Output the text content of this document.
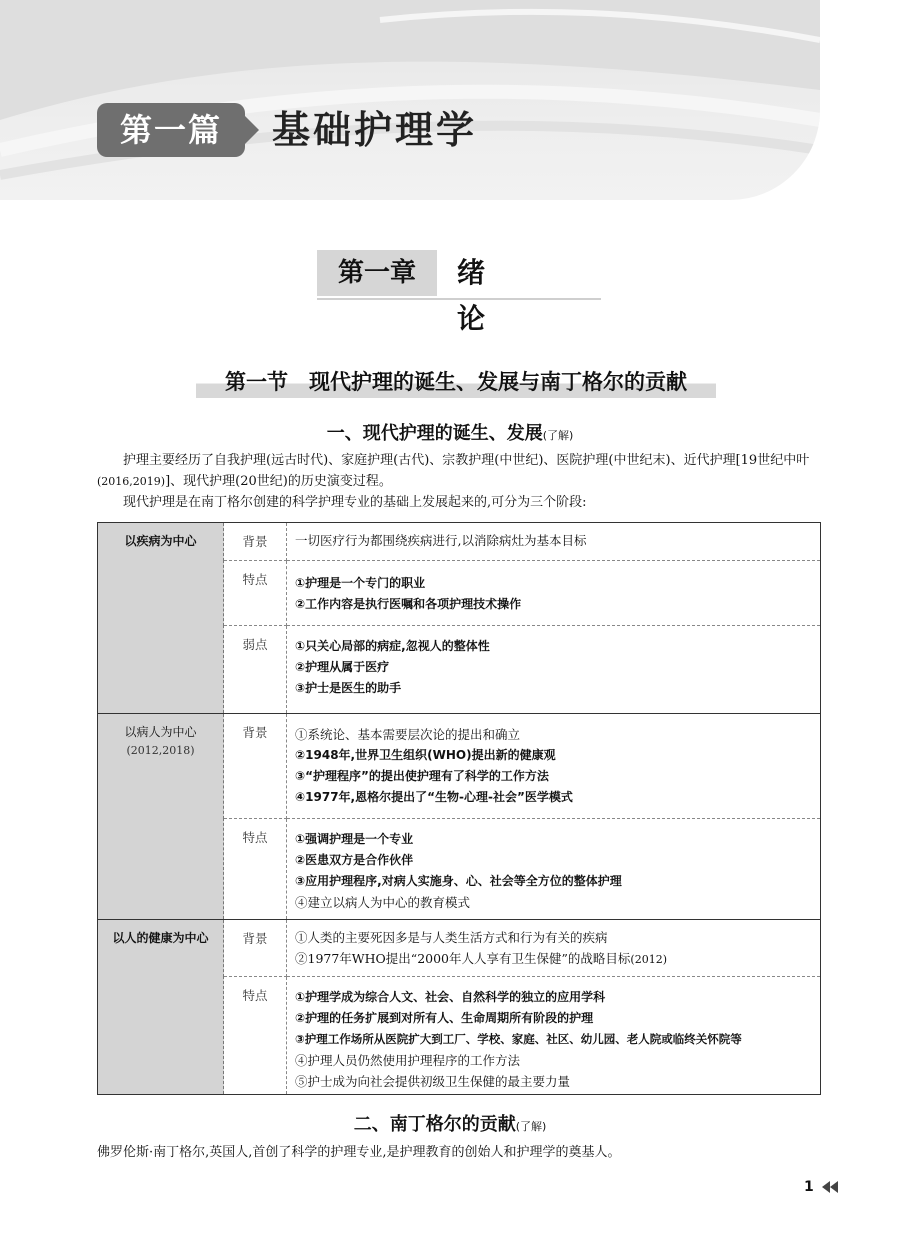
第一篇	基础护理学
第一章	绪论
第一节　现代护理的诞生、发展与南丁格尔的贡献
一、现代护理的诞生、发展(了解)

护理主要经历了自我护理(远古时代)、家庭护理(古代)、宗教护理(中世纪)、医院护理(中世纪末)、近代护理[19世纪中叶(2016,2019)]、现代护理(20世纪)的历史演变过程。

现代护理是在南丁格尔创建的科学护理专业的基础上发展起来的,可分为三个阶段:

以疾病为中心	背景	一切医疗行为都围绕疾病进行,以消除病灶为基本目标

	特点	①护理是一个专门的职业
②工作内容是执行医嘱和各项护理技术操作

	弱点	①只关心局部的病症,忽视人的整体性
②护理从属于医疗
③护士是医生的助手

以病人为中心
(2012,2018)	背景	①系统论、基本需要层次论的提出和确立
②1948年,世界卫生组织(WHO)提出新的健康观
③“护理程序”的提出使护理有了科学的工作方法
④1977年,恩格尔提出了“生物-心理-社会”医学模式

	特点	①强调护理是一个专业
②医患双方是合作伙伴
③应用护理程序,对病人实施身、心、社会等全方位的整体护理
④建立以病人为中心的教育模式

以人的健康为中心	背景	①人类的主要死因多是与人类生活方式和行为有关的疾病
②1977年WHO提出“2000年人人享有卫生保健”的战略目标(2012)

	特点	①护理学成为综合人文、社会、自然科学的独立的应用学科
②护理的任务扩展到对所有人、生命周期所有阶段的护理
③护理工作场所从医院扩大到工厂、学校、家庭、社区、幼儿园、老人院或临终关怀院等
④护理人员仍然使用护理程序的工作方法
⑤护士成为向社会提供初级卫生保健的最主要力量
二、南丁格尔的贡献(了解)

佛罗伦斯·南丁格尔,英国人,首创了科学的护理专业,是护理教育的创始人和护理学的奠基人。

1
